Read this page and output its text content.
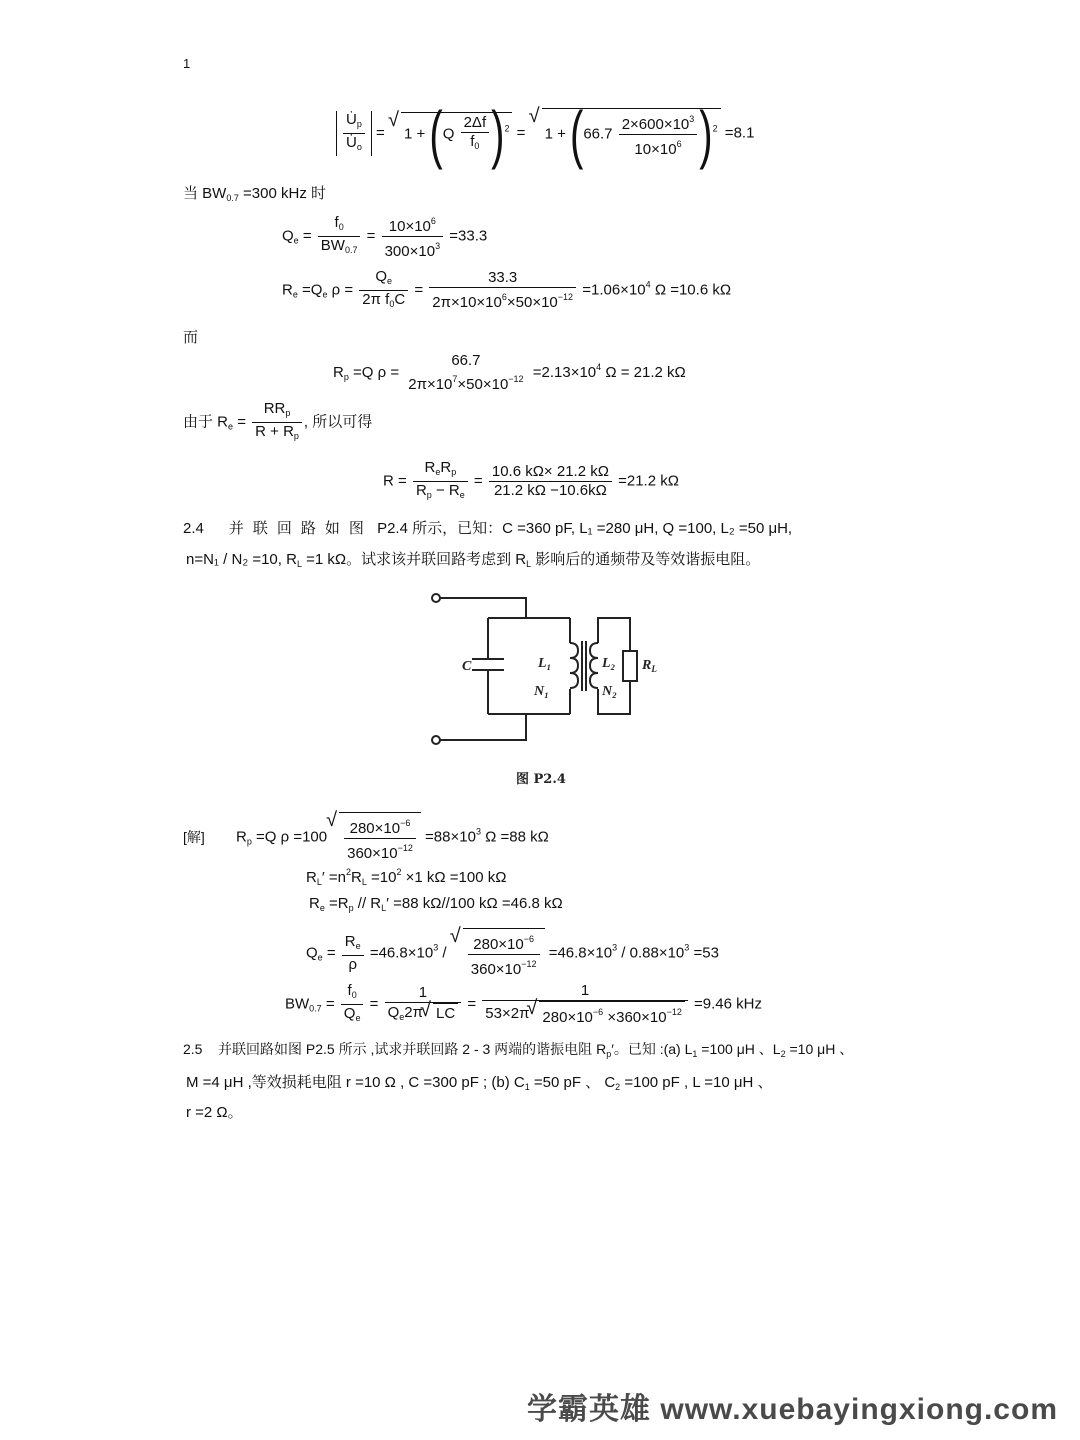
1
$\frac{U̇_p}{U̇_o}$ = √ $1 + (Q \frac{2\Delta f}{f_0} )^2$ = √ $1 + (66.7 \frac{2\times 600\times 10^3}{10\times 10^6} )^2 =8.1$
当 $BW_{0.7} =300$ kHz 时
$Q_e = \frac{f_0}{BW_{0.7}} = \frac{10\times 10^6}{300\times 10^3} =33.3$
$R_e =Q_e$ $\rho = \frac{Q_e}{2\pi f_0C} = \frac{33.3}{2\pi\times 10\times 10^6\times 50\times 10^{-12}} =1.06\times 10^4$ Ω =10.6 kΩ
而
$R_p =Q$ ρ =
66.7
$2\pi\times 10^7\times 50\times 10^{-12} =2.13\times 10^4$ Ω = 21.2 kΩ
由于 $R_e = \frac{RR_p}{R + R_p}$ , 所以可得
$R = \frac{R_eR_p}{R_p - R_e} = \frac{10.6 k\Omega\times 21.2 k\Omega}{21.2 k\Omega -10.6k\Omega} =21.2$ kΩ
2.4 并联回路如图 P2.4 所示，已知：C =360 pF, L₁ =280 μH, Q =100, L₂ =50 μH,
n=N₁ / N₂ =10, $R_L =1$ kΩ。试求该并联回路考虑到 $R_L$ 影响后的通频带及等效谐振电阻。
C	L₁
N₁
L₂
N₂
$R_L$
图 P2.4
[解] $R_p =Q$ ρ =100 √ $\frac{280\times 10^{-6}}{360\times 10^{-12}} =88\times 10^3$ Ω =88 kΩ
$R_L' =n^2R_L =10^2 \times 1$ kΩ =100 kΩ
$R_e =R_p // R_L' =88$ kΩ//100 kΩ =46.8 kΩ
$Q_e = \frac{R_e}{\rho} =46.8\times 10^3$ / √ $\frac{280\times 10^{-6}}{360\times 10^{-12}} =46.8\times 10^3 / 0.88\times 10^3 =53$
$BW_{0.7} = \frac{f_0}{Q_e} = \frac{1}{Q_e2\pi √ LC} = \frac{1}{53\times 2\pi √ 280\times 10^{-6} \times 360\times 10^{-12}} =9.46$ kHz
2.5 并联回路如图 P2.5 所示 ,试求并联回路 2 - 3 两端的谐振电阻 $R_p'$。已知 :(a) $L_1 =100$ μH 、$L_2 =10$ μH 、
M =4 μH ,等效损耗电阻 r =10 Ω , C =300 pF ; (b) $C_1 =50$ pF 、 $C_2 =100$ pF , L =10 μH 、
r =2 Ω。
学霸英雄 www.xuebayingxiong.com
